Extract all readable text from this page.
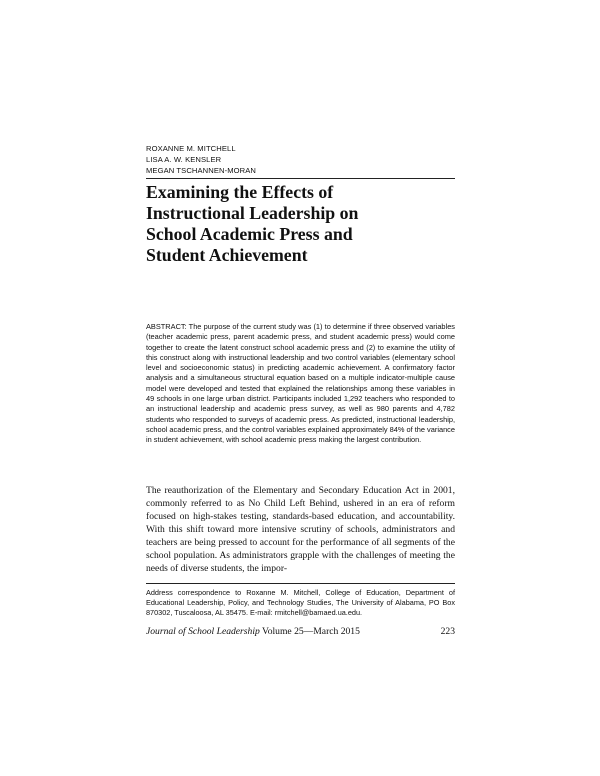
ROXANNE M. MITCHELL
LISA A. W. KENSLER
MEGAN TSCHANNEN-MORAN
Examining the Effects of
Instructional Leadership on
School Academic Press and
Student Achievement
ABSTRACT: The purpose of the current study was (1) to determine if three observed variables (teacher academic press, parent academic press, and student academic press) would come together to create the latent construct school academic press and (2) to examine the utility of this construct along with instructional leadership and two control variables (elementary school level and socioeconomic status) in predicting academic achievement. A confirmatory factor analysis and a simultaneous structural equation based on a multiple indicator-multiple cause model were developed and tested that explained the relationships among these variables in 49 schools in one large urban district. Participants included 1,292 teachers who responded to an instructional leadership and academic press survey, as well as 980 parents and 4,782 students who responded to surveys of academic press. As predicted, instructional leadership, school academic press, and the control variables explained approximately 84% of the variance in student achievement, with school academic press making the largest contribution.
The reauthorization of the Elementary and Secondary Education Act in 2001, commonly referred to as No Child Left Behind, ushered in an era of reform focused on high-stakes testing, standards-based education, and accountability. With this shift toward more intensive scrutiny of schools, administrators and teachers are being pressed to account for the performance of all segments of the school population. As administrators grapple with the challenges of meeting the needs of diverse students, the impor-
Address correspondence to Roxanne M. Mitchell, College of Education, Department of Educational Leadership, Policy, and Technology Studies, The University of Alabama, PO Box 870302, Tuscaloosa, AL 35475. E-mail: rmitchell@bamaed.ua.edu.
Journal of School Leadership Volume 25—March 2015	223
